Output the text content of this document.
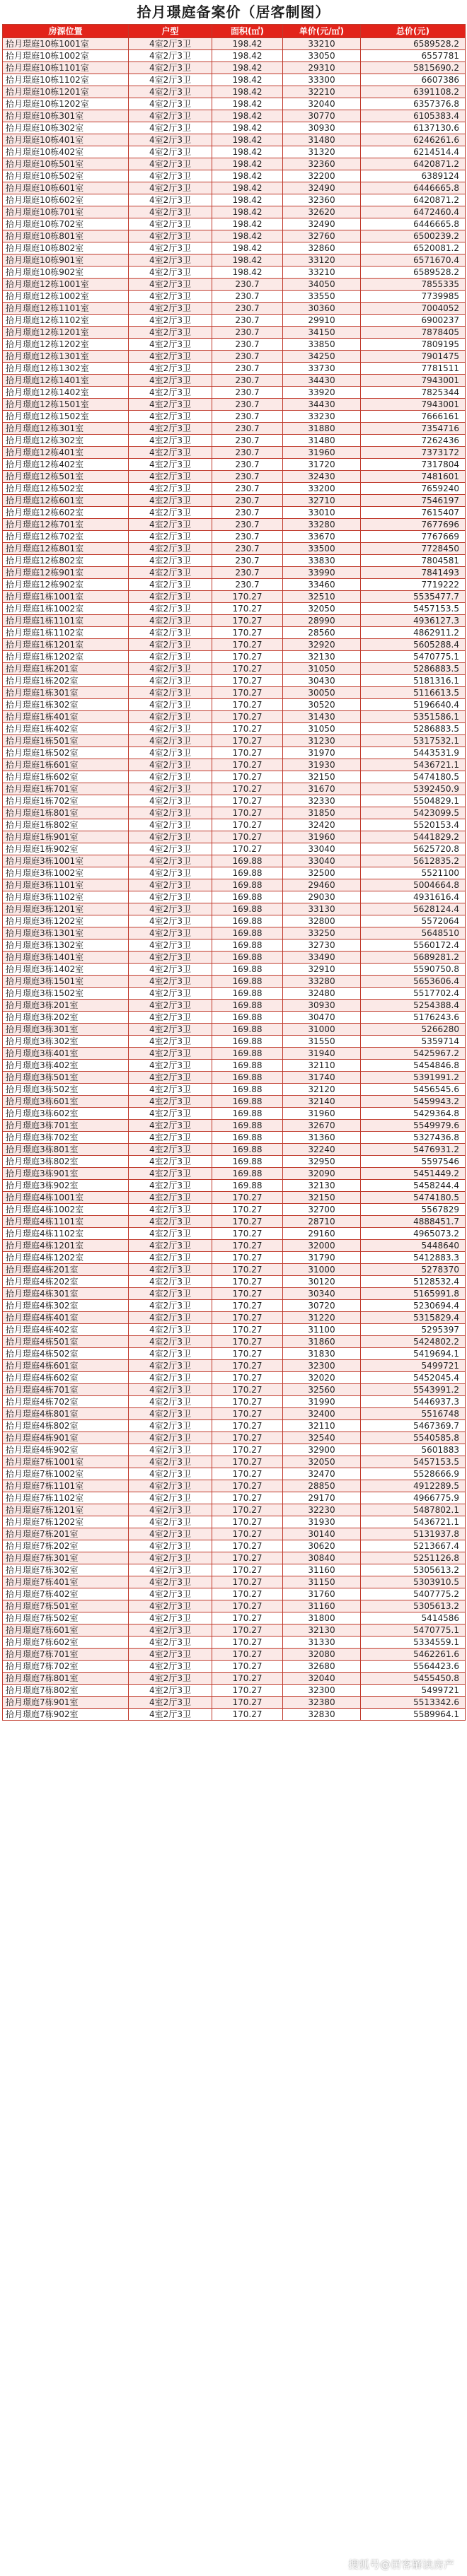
拾月璟庭备案价（居客制图）
房源位置	户型	面积(㎡)	单价(元/㎡)	总价(元)
拾月璟庭10栋1001室	4室2厅3卫	198.42	33210	6589528.2
拾月璟庭10栋1002室	4室2厅3卫	198.42	33050	6557781
拾月璟庭10栋1101室	4室2厅3卫	198.42	29310	5815690.2
拾月璟庭10栋1102室	4室2厅3卫	198.42	33300	6607386
拾月璟庭10栋1201室	4室2厅3卫	198.42	32210	6391108.2
拾月璟庭10栋1202室	4室2厅3卫	198.42	32040	6357376.8
拾月璟庭10栋301室	4室2厅3卫	198.42	30770	6105383.4
拾月璟庭10栋302室	4室2厅3卫	198.42	30930	6137130.6
拾月璟庭10栋401室	4室2厅3卫	198.42	31480	6246261.6
拾月璟庭10栋402室	4室2厅3卫	198.42	31320	6214514.4
拾月璟庭10栋501室	4室2厅3卫	198.42	32360	6420871.2
拾月璟庭10栋502室	4室2厅3卫	198.42	32200	6389124
拾月璟庭10栋601室	4室2厅3卫	198.42	32490	6446665.8
拾月璟庭10栋602室	4室2厅3卫	198.42	32360	6420871.2
拾月璟庭10栋701室	4室2厅3卫	198.42	32620	6472460.4
拾月璟庭10栋702室	4室2厅3卫	198.42	32490	6446665.8
拾月璟庭10栋801室	4室2厅3卫	198.42	32760	6500239.2
拾月璟庭10栋802室	4室2厅3卫	198.42	32860	6520081.2
拾月璟庭10栋901室	4室2厅3卫	198.42	33120	6571670.4
拾月璟庭10栋902室	4室2厅3卫	198.42	33210	6589528.2
拾月璟庭12栋1001室	4室2厅3卫	230.7	34050	7855335
拾月璟庭12栋1002室	4室2厅3卫	230.7	33550	7739985
拾月璟庭12栋1101室	4室2厅3卫	230.7	30360	7004052
拾月璟庭12栋1102室	4室2厅3卫	230.7	29910	6900237
拾月璟庭12栋1201室	4室2厅3卫	230.7	34150	7878405
拾月璟庭12栋1202室	4室2厅3卫	230.7	33850	7809195
拾月璟庭12栋1301室	4室2厅3卫	230.7	34250	7901475
拾月璟庭12栋1302室	4室2厅3卫	230.7	33730	7781511
拾月璟庭12栋1401室	4室2厅3卫	230.7	34430	7943001
拾月璟庭12栋1402室	4室2厅3卫	230.7	33920	7825344
拾月璟庭12栋1501室	4室2厅3卫	230.7	34430	7943001
拾月璟庭12栋1502室	4室2厅3卫	230.7	33230	7666161
拾月璟庭12栋301室	4室2厅3卫	230.7	31880	7354716
拾月璟庭12栋302室	4室2厅3卫	230.7	31480	7262436
拾月璟庭12栋401室	4室2厅3卫	230.7	31960	7373172
拾月璟庭12栋402室	4室2厅3卫	230.7	31720	7317804
拾月璟庭12栋501室	4室2厅3卫	230.7	32430	7481601
拾月璟庭12栋502室	4室2厅3卫	230.7	33200	7659240
拾月璟庭12栋601室	4室2厅3卫	230.7	32710	7546197
拾月璟庭12栋602室	4室2厅3卫	230.7	33010	7615407
拾月璟庭12栋701室	4室2厅3卫	230.7	33280	7677696
拾月璟庭12栋702室	4室2厅3卫	230.7	33670	7767669
拾月璟庭12栋801室	4室2厅3卫	230.7	33500	7728450
拾月璟庭12栋802室	4室2厅3卫	230.7	33830	7804581
拾月璟庭12栋901室	4室2厅3卫	230.7	33990	7841493
拾月璟庭12栋902室	4室2厅3卫	230.7	33460	7719222
拾月璟庭1栋1001室	4室2厅3卫	170.27	32510	5535477.7
拾月璟庭1栋1002室	4室2厅3卫	170.27	32050	5457153.5
拾月璟庭1栋1101室	4室2厅3卫	170.27	28990	4936127.3
拾月璟庭1栋1102室	4室2厅3卫	170.27	28560	4862911.2
拾月璟庭1栋1201室	4室2厅3卫	170.27	32920	5605288.4
拾月璟庭1栋1202室	4室2厅3卫	170.27	32130	5470775.1
拾月璟庭1栋201室	4室2厅3卫	170.27	31050	5286883.5
拾月璟庭1栋202室	4室2厅3卫	170.27	30430	5181316.1
拾月璟庭1栋301室	4室2厅3卫	170.27	30050	5116613.5
拾月璟庭1栋302室	4室2厅3卫	170.27	30520	5196640.4
拾月璟庭1栋401室	4室2厅3卫	170.27	31430	5351586.1
拾月璟庭1栋402室	4室2厅3卫	170.27	31050	5286883.5
拾月璟庭1栋501室	4室2厅3卫	170.27	31230	5317532.1
拾月璟庭1栋502室	4室2厅3卫	170.27	31970	5443531.9
拾月璟庭1栋601室	4室2厅3卫	170.27	31930	5436721.1
拾月璟庭1栋602室	4室2厅3卫	170.27	32150	5474180.5
拾月璟庭1栋701室	4室2厅3卫	170.27	31670	5392450.9
拾月璟庭1栋702室	4室2厅3卫	170.27	32330	5504829.1
拾月璟庭1栋801室	4室2厅3卫	170.27	31850	5423099.5
拾月璟庭1栋802室	4室2厅3卫	170.27	32420	5520153.4
拾月璟庭1栋901室	4室2厅3卫	170.27	31960	5441829.2
拾月璟庭1栋902室	4室2厅3卫	170.27	33040	5625720.8
拾月璟庭3栋1001室	4室2厅3卫	169.88	33040	5612835.2
拾月璟庭3栋1002室	4室2厅3卫	169.88	32500	5521100
拾月璟庭3栋1101室	4室2厅3卫	169.88	29460	5004664.8
拾月璟庭3栋1102室	4室2厅3卫	169.88	29030	4931616.4
拾月璟庭3栋1201室	4室2厅3卫	169.88	33130	5628124.4
拾月璟庭3栋1202室	4室2厅3卫	169.88	32800	5572064
拾月璟庭3栋1301室	4室2厅3卫	169.88	33250	5648510
拾月璟庭3栋1302室	4室2厅3卫	169.88	32730	5560172.4
拾月璟庭3栋1401室	4室2厅3卫	169.88	33490	5689281.2
拾月璟庭3栋1402室	4室2厅3卫	169.88	32910	5590750.8
拾月璟庭3栋1501室	4室2厅3卫	169.88	33280	5653606.4
拾月璟庭3栋1502室	4室2厅3卫	169.88	32480	5517702.4
拾月璟庭3栋201室	4室2厅3卫	169.88	30930	5254388.4
拾月璟庭3栋202室	4室2厅3卫	169.88	30470	5176243.6
拾月璟庭3栋301室	4室2厅3卫	169.88	31000	5266280
拾月璟庭3栋302室	4室2厅3卫	169.88	31550	5359714
拾月璟庭3栋401室	4室2厅3卫	169.88	31940	5425967.2
拾月璟庭3栋402室	4室2厅3卫	169.88	32110	5454846.8
拾月璟庭3栋501室	4室2厅3卫	169.88	31740	5391991.2
拾月璟庭3栋502室	4室2厅3卫	169.88	32120	5456545.6
拾月璟庭3栋601室	4室2厅3卫	169.88	32140	5459943.2
拾月璟庭3栋602室	4室2厅3卫	169.88	31960	5429364.8
拾月璟庭3栋701室	4室2厅3卫	169.88	32670	5549979.6
拾月璟庭3栋702室	4室2厅3卫	169.88	31360	5327436.8
拾月璟庭3栋801室	4室2厅3卫	169.88	32240	5476931.2
拾月璟庭3栋802室	4室2厅3卫	169.88	32950	5597546
拾月璟庭3栋901室	4室2厅3卫	169.88	32090	5451449.2
拾月璟庭3栋902室	4室2厅3卫	169.88	32130	5458244.4
拾月璟庭4栋1001室	4室2厅3卫	170.27	32150	5474180.5
拾月璟庭4栋1002室	4室2厅3卫	170.27	32700	5567829
拾月璟庭4栋1101室	4室2厅3卫	170.27	28710	4888451.7
拾月璟庭4栋1102室	4室2厅3卫	170.27	29160	4965073.2
拾月璟庭4栋1201室	4室2厅3卫	170.27	32000	5448640
拾月璟庭4栋1202室	4室2厅3卫	170.27	31790	5412883.3
拾月璟庭4栋201室	4室2厅3卫	170.27	31000	5278370
拾月璟庭4栋202室	4室2厅3卫	170.27	30120	5128532.4
拾月璟庭4栋301室	4室2厅3卫	170.27	30340	5165991.8
拾月璟庭4栋302室	4室2厅3卫	170.27	30720	5230694.4
拾月璟庭4栋401室	4室2厅3卫	170.27	31220	5315829.4
拾月璟庭4栋402室	4室2厅3卫	170.27	31100	5295397
拾月璟庭4栋501室	4室2厅3卫	170.27	31860	5424802.2
拾月璟庭4栋502室	4室2厅3卫	170.27	31830	5419694.1
拾月璟庭4栋601室	4室2厅3卫	170.27	32300	5499721
拾月璟庭4栋602室	4室2厅3卫	170.27	32020	5452045.4
拾月璟庭4栋701室	4室2厅3卫	170.27	32560	5543991.2
拾月璟庭4栋702室	4室2厅3卫	170.27	31990	5446937.3
拾月璟庭4栋801室	4室2厅3卫	170.27	32400	5516748
拾月璟庭4栋802室	4室2厅3卫	170.27	32110	5467369.7
拾月璟庭4栋901室	4室2厅3卫	170.27	32540	5540585.8
拾月璟庭4栋902室	4室2厅3卫	170.27	32900	5601883
拾月璟庭7栋1001室	4室2厅3卫	170.27	32050	5457153.5
拾月璟庭7栋1002室	4室2厅3卫	170.27	32470	5528666.9
拾月璟庭7栋1101室	4室2厅3卫	170.27	28850	4912289.5
拾月璟庭7栋1102室	4室2厅3卫	170.27	29170	4966775.9
拾月璟庭7栋1201室	4室2厅3卫	170.27	32230	5487802.1
拾月璟庭7栋1202室	4室2厅3卫	170.27	31930	5436721.1
拾月璟庭7栋201室	4室2厅3卫	170.27	30140	5131937.8
拾月璟庭7栋202室	4室2厅3卫	170.27	30620	5213667.4
拾月璟庭7栋301室	4室2厅3卫	170.27	30840	5251126.8
拾月璟庭7栋302室	4室2厅3卫	170.27	31160	5305613.2
拾月璟庭7栋401室	4室2厅3卫	170.27	31150	5303910.5
拾月璟庭7栋402室	4室2厅3卫	170.27	31760	5407775.2
拾月璟庭7栋501室	4室2厅3卫	170.27	31160	5305613.2
拾月璟庭7栋502室	4室2厅3卫	170.27	31800	5414586
拾月璟庭7栋601室	4室2厅3卫	170.27	32130	5470775.1
拾月璟庭7栋602室	4室2厅3卫	170.27	31330	5334559.1
拾月璟庭7栋701室	4室2厅3卫	170.27	32080	5462261.6
拾月璟庭7栋702室	4室2厅3卫	170.27	32680	5564423.6
拾月璟庭7栋801室	4室2厅3卫	170.27	32040	5455450.8
拾月璟庭7栋802室	4室2厅3卫	170.27	32300	5499721
拾月璟庭7栋901室	4室2厅3卫	170.27	32380	5513342.6
拾月璟庭7栋902室	4室2厅3卫	170.27	32830	5589964.1
搜狐号@居客解读房产
